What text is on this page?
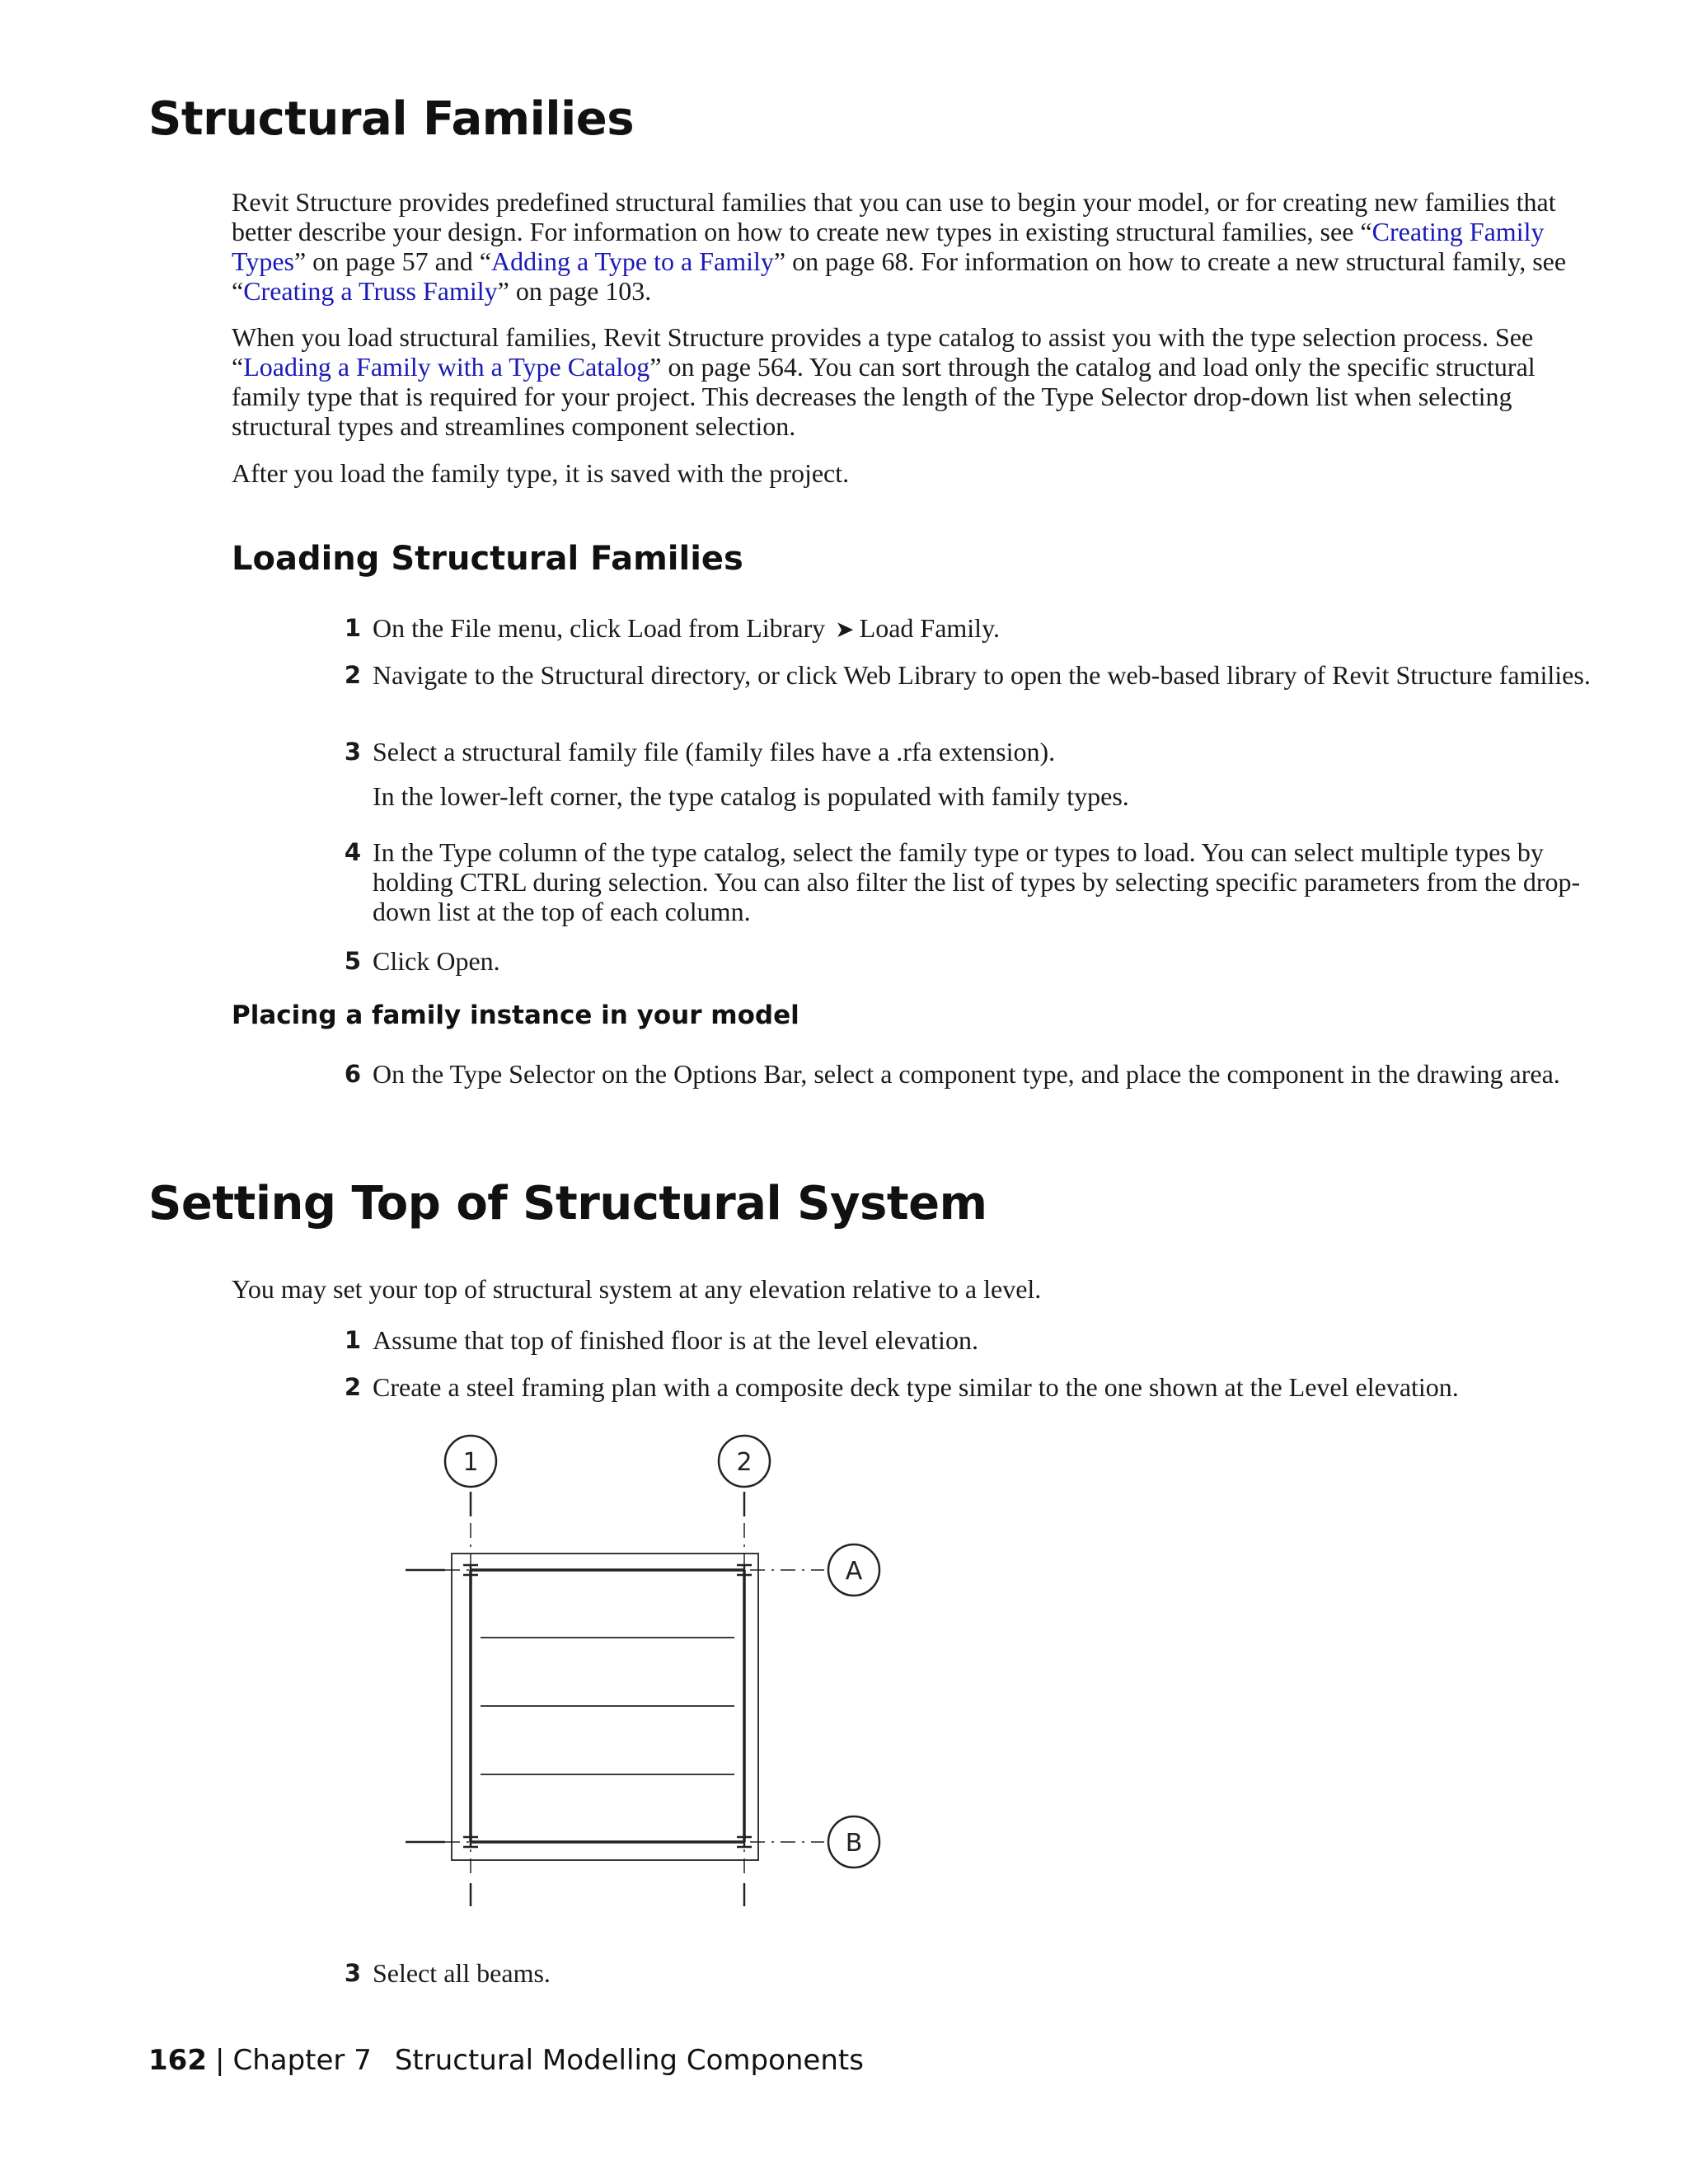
Structural Families

Revit Structure provides predefined structural families that you can use to begin your model, or for creating new families that better describe your design. For information on how to create new types in existing structural families, see “Creating Family Types” on page 57 and “Adding a Type to a Family” on page 68. For information on how to create a new structural family, see “Creating a Truss Family” on page 103.

When you load structural families, Revit Structure provides a type catalog to assist you with the type selection process. See “Loading a Family with a Type Catalog” on page 564. You can sort through the catalog and load only the specific structural family type that is required for your project. This decreases the length of the Type Selector drop-down list when selecting structural types and streamlines component selection.

After you load the family type, it is saved with the project.

Loading Structural Families
1 On the File menu, click Load from Library ➤ Load Family.
2 Navigate to the Structural directory, or click Web Library to open the web-based library of Revit Structure families.
3 Select a structural family file (family files have a .rfa extension).

In the lower-left corner, the type catalog is populated with family types.

4 In the Type column of the type catalog, select the family type or types to load. You can select multiple types by holding CTRL during selection. You can also filter the list of types by selecting specific parameters from the drop-down list at the top of each column.
5 Click Open.
Placing a family instance in your model
6 On the Type Selector on the Options Bar, select a component type, and place the component in the drawing area.
Setting Top of Structural System

You may set your top of structural system at any elevation relative to a level.

1 Assume that top of finished floor is at the level elevation.
2 Create a steel framing plan with a composite deck type similar to the one shown at the Level elevation.
1	2
A
B
3 Select all beams.
162 | Chapter 7 Structural Modelling Components
